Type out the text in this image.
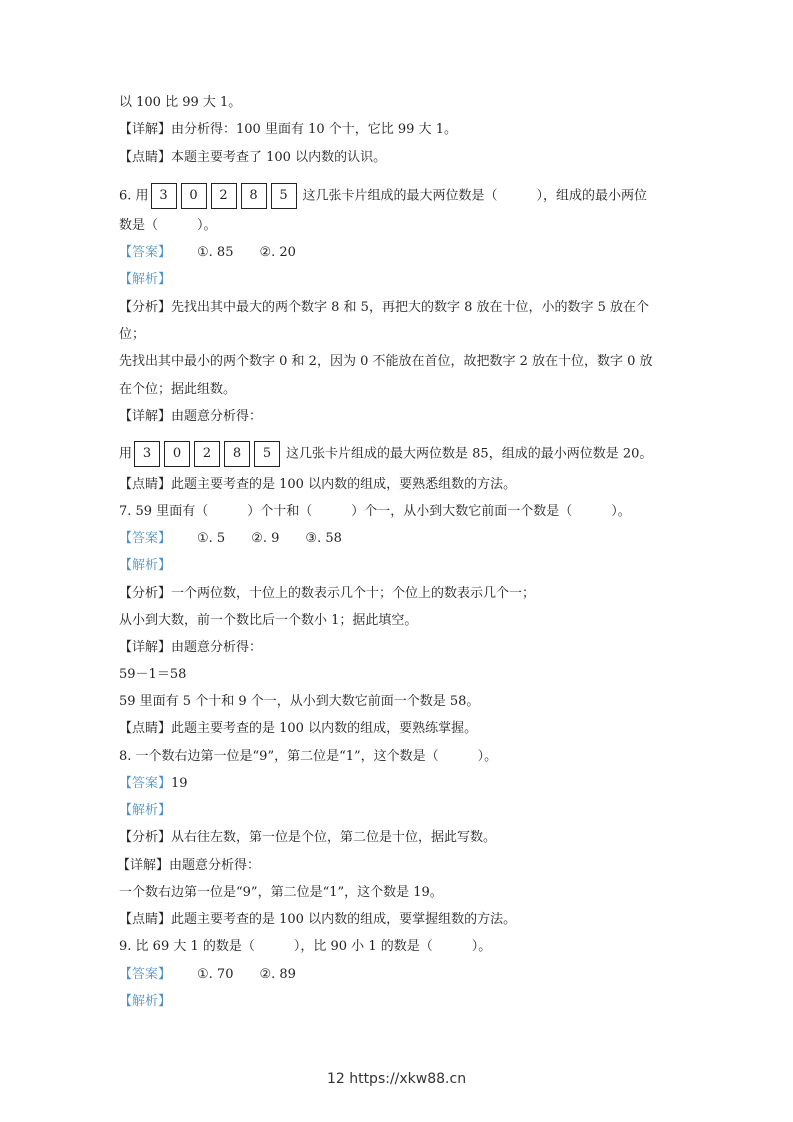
以 100 比 99 大 1。
【详解】由分析得：100 里面有 10 个十，它比 99 大 1。
【点睛】本题主要考查了 100 以内数的认识。
6. 用 3 0 2 8 5 这几张卡片组成的最大两位数是（　　　），组成的最小两位
数是（　　　）。
【答案】 ①. 85 ②. 20
【解析】
【分析】先找出其中最大的两个数字 8 和 5，再把大的数字 8 放在十位，小的数字 5 放在个
位；
先找出其中最小的两个数字 0 和 2，因为 0 不能放在首位，故把数字 2 放在十位，数字 0 放
在个位；据此组数。
【详解】由题意分析得：
用 3 0 2 8 5 这几张卡片组成的最大两位数是 85，组成的最小两位数是 20。
【点睛】此题主要考查的是 100 以内数的组成，要熟悉组数的方法。
7. 59 里面有（　　　）个十和（　　　）个一，从小到大数它前面一个数是（　　　）。
【答案】 ①. 5 ②. 9 ③. 58
【解析】
【分析】一个两位数，十位上的数表示几个十；个位上的数表示几个一；
从小到大数，前一个数比后一个数小 1；据此填空。
【详解】由题意分析得：
59－1＝58
59 里面有 5 个十和 9 个一，从小到大数它前面一个数是 58。
【点睛】此题主要考查的是 100 以内数的组成，要熟练掌握。
8. 一个数右边第一位是“9”，第二位是“1”，这个数是（　　　）。
【答案】19
【解析】
【分析】从右往左数，第一位是个位，第二位是十位，据此写数。
【详解】由题意分析得：
一个数右边第一位是“9”，第二位是“1”，这个数是 19。
【点睛】此题主要考查的是 100 以内数的组成，要掌握组数的方法。
9. 比 69 大 1 的数是（　　　），比 90 小 1 的数是（　　　）。
【答案】 ①. 70 ②. 89
【解析】
12 https://xkw88.cn
